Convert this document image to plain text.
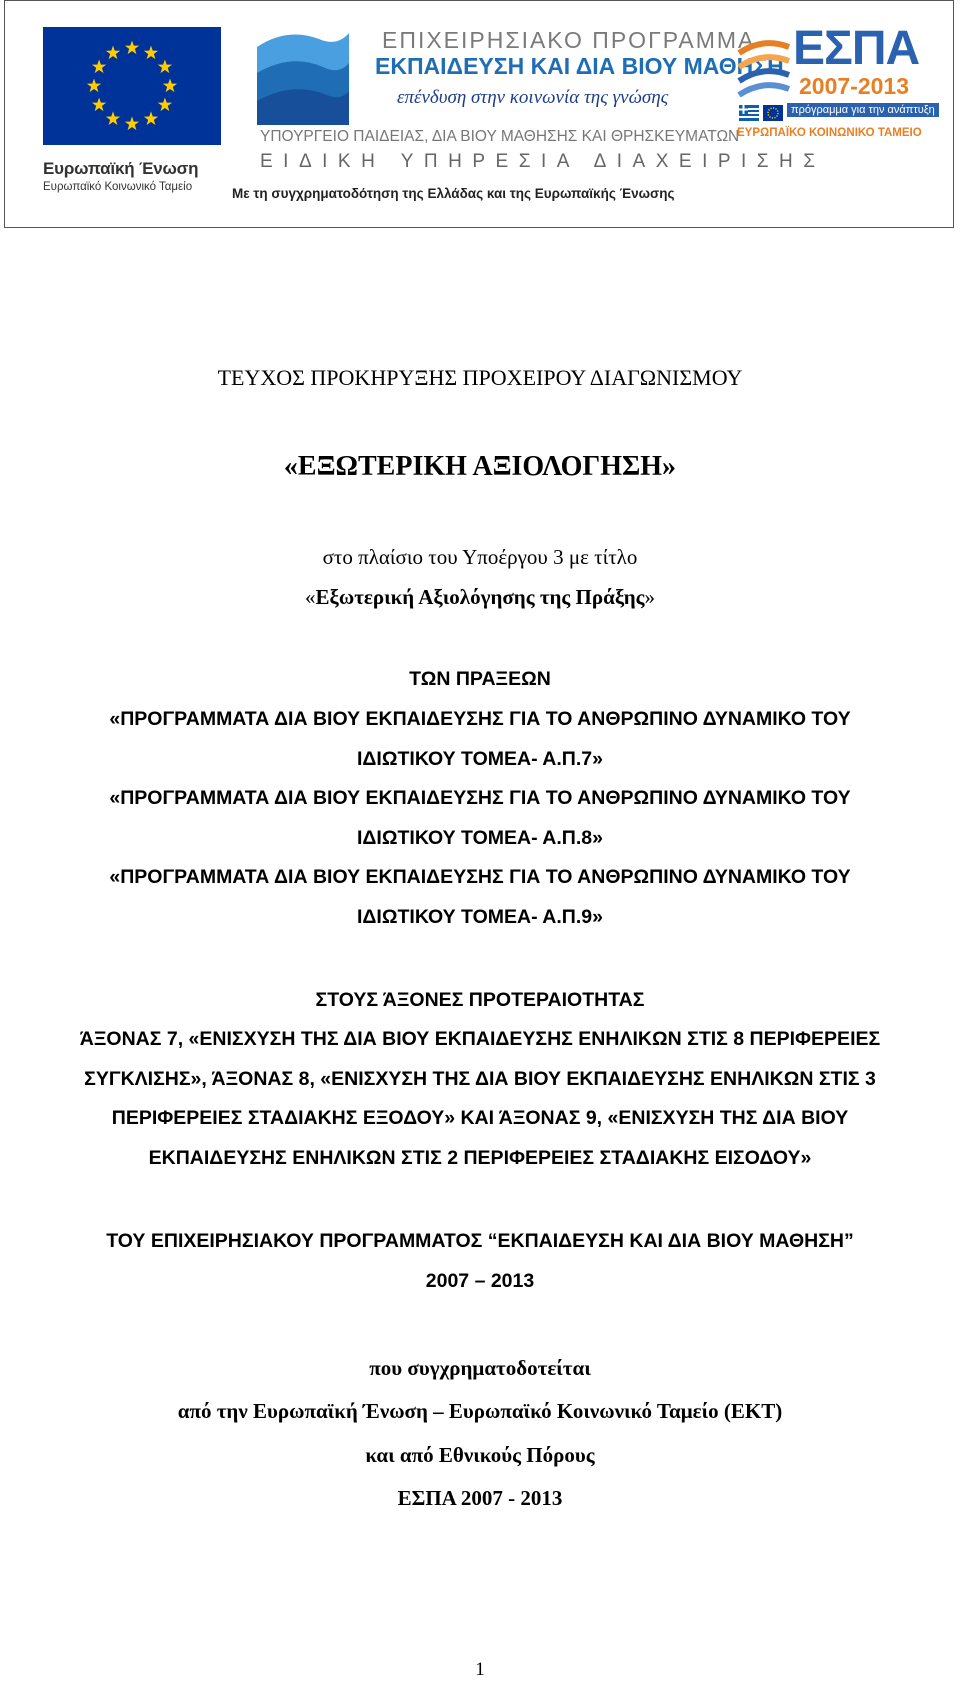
Ευρωπαϊκή Ένωση
Ευρωπαϊκό Κοινωνικό Ταμείο
ΕΠΙΧΕΙΡΗΣΙΑΚΟ ΠΡΟΓΡΑΜΜΑ
ΕΚΠΑΙΔΕΥΣΗ ΚΑΙ ΔΙΑ ΒΙΟΥ ΜΑΘΗΣΗ
επένδυση στην κοινωνία της γνώσης
ΥΠΟΥΡΓΕΙΟ ΠΑΙΔΕΙΑΣ, ΔΙΑ ΒΙΟΥ ΜΑΘΗΣΗΣ ΚΑΙ ΘΡΗΣΚΕΥΜΑΤΩΝ
ΕΙΔΙΚΗ ΥΠΗΡΕΣΙΑ ΔΙΑΧΕΙΡΙΣΗΣ
Με τη συγχρηματοδότηση της Ελλάδας και της Ευρωπαϊκής Ένωσης
ΕΣΠΑ
2007-2013
πρόγραμμα για την ανάπτυξη
ΕΥΡΩΠΑΪΚΟ ΚΟΙΝΩΝΙΚΟ ΤΑΜΕΙΟ
ΤΕΥΧΟΣ ΠΡΟΚΗΡΥΞΗΣ ΠΡΟΧΕΙΡΟΥ ΔΙΑΓΩΝΙΣΜΟΥ
«ΕΞΩΤΕΡΙΚΗ ΑΞΙΟΛΟΓΗΣΗ»
στο πλαίσιο του Υποέργου 3 με τίτλο
«Εξωτερική Αξιολόγησης της Πράξης»
ΤΩΝ ΠΡΑΞΕΩΝ
«ΠΡΟΓΡΑΜΜΑΤΑ ΔΙΑ ΒΙΟΥ ΕΚΠΑΙΔΕΥΣΗΣ ΓΙΑ ΤΟ ΑΝΘΡΩΠΙΝΟ ΔΥΝΑΜΙΚΟ ΤΟΥ
ΙΔΙΩΤΙΚΟΥ ΤΟΜΕΑ- Α.Π.7»
«ΠΡΟΓΡΑΜΜΑΤΑ ΔΙΑ ΒΙΟΥ ΕΚΠΑΙΔΕΥΣΗΣ ΓΙΑ ΤΟ ΑΝΘΡΩΠΙΝΟ ΔΥΝΑΜΙΚΟ ΤΟΥ
ΙΔΙΩΤΙΚΟΥ ΤΟΜΕΑ- Α.Π.8»
«ΠΡΟΓΡΑΜΜΑΤΑ ΔΙΑ ΒΙΟΥ ΕΚΠΑΙΔΕΥΣΗΣ ΓΙΑ ΤΟ ΑΝΘΡΩΠΙΝΟ ΔΥΝΑΜΙΚΟ ΤΟΥ
ΙΔΙΩΤΙΚΟΥ ΤΟΜΕΑ- Α.Π.9»
ΣΤΟΥΣ ΆΞΟΝΕΣ ΠΡΟΤΕΡΑΙΟΤΗΤΑΣ
ΆΞΟΝΑΣ 7, «ΕΝΙΣΧΥΣΗ ΤΗΣ ΔΙΑ ΒΙΟΥ ΕΚΠΑΙΔΕΥΣΗΣ ΕΝΗΛΙΚΩΝ ΣΤΙΣ 8 ΠΕΡΙΦΕΡΕΙΕΣ
ΣΥΓΚΛΙΣΗΣ», ΆΞΟΝΑΣ 8, «ΕΝΙΣΧΥΣΗ ΤΗΣ ΔΙΑ ΒΙΟΥ ΕΚΠΑΙΔΕΥΣΗΣ ΕΝΗΛΙΚΩΝ ΣΤΙΣ 3
ΠΕΡΙΦΕΡΕΙΕΣ ΣΤΑΔΙΑΚΗΣ ΕΞΟΔΟΥ» ΚΑΙ ΆΞΟΝΑΣ 9, «ΕΝΙΣΧΥΣΗ ΤΗΣ ΔΙΑ ΒΙΟΥ
ΕΚΠΑΙΔΕΥΣΗΣ ΕΝΗΛΙΚΩΝ ΣΤΙΣ 2 ΠΕΡΙΦΕΡΕΙΕΣ ΣΤΑΔΙΑΚΗΣ ΕΙΣΟΔΟΥ»
ΤΟΥ ΕΠΙΧΕΙΡΗΣΙΑΚΟΥ ΠΡΟΓΡΑΜΜΑΤΟΣ “ΕΚΠΑΙΔΕΥΣΗ ΚΑΙ ΔΙΑ ΒΙΟΥ ΜΑΘΗΣΗ”
2007 – 2013
που συγχρηματοδοτείται
από την Ευρωπαϊκή Ένωση – Ευρωπαϊκό Κοινωνικό Ταμείο (ΕΚΤ)
και από Εθνικούς Πόρους
ΕΣΠΑ 2007 - 2013
1
